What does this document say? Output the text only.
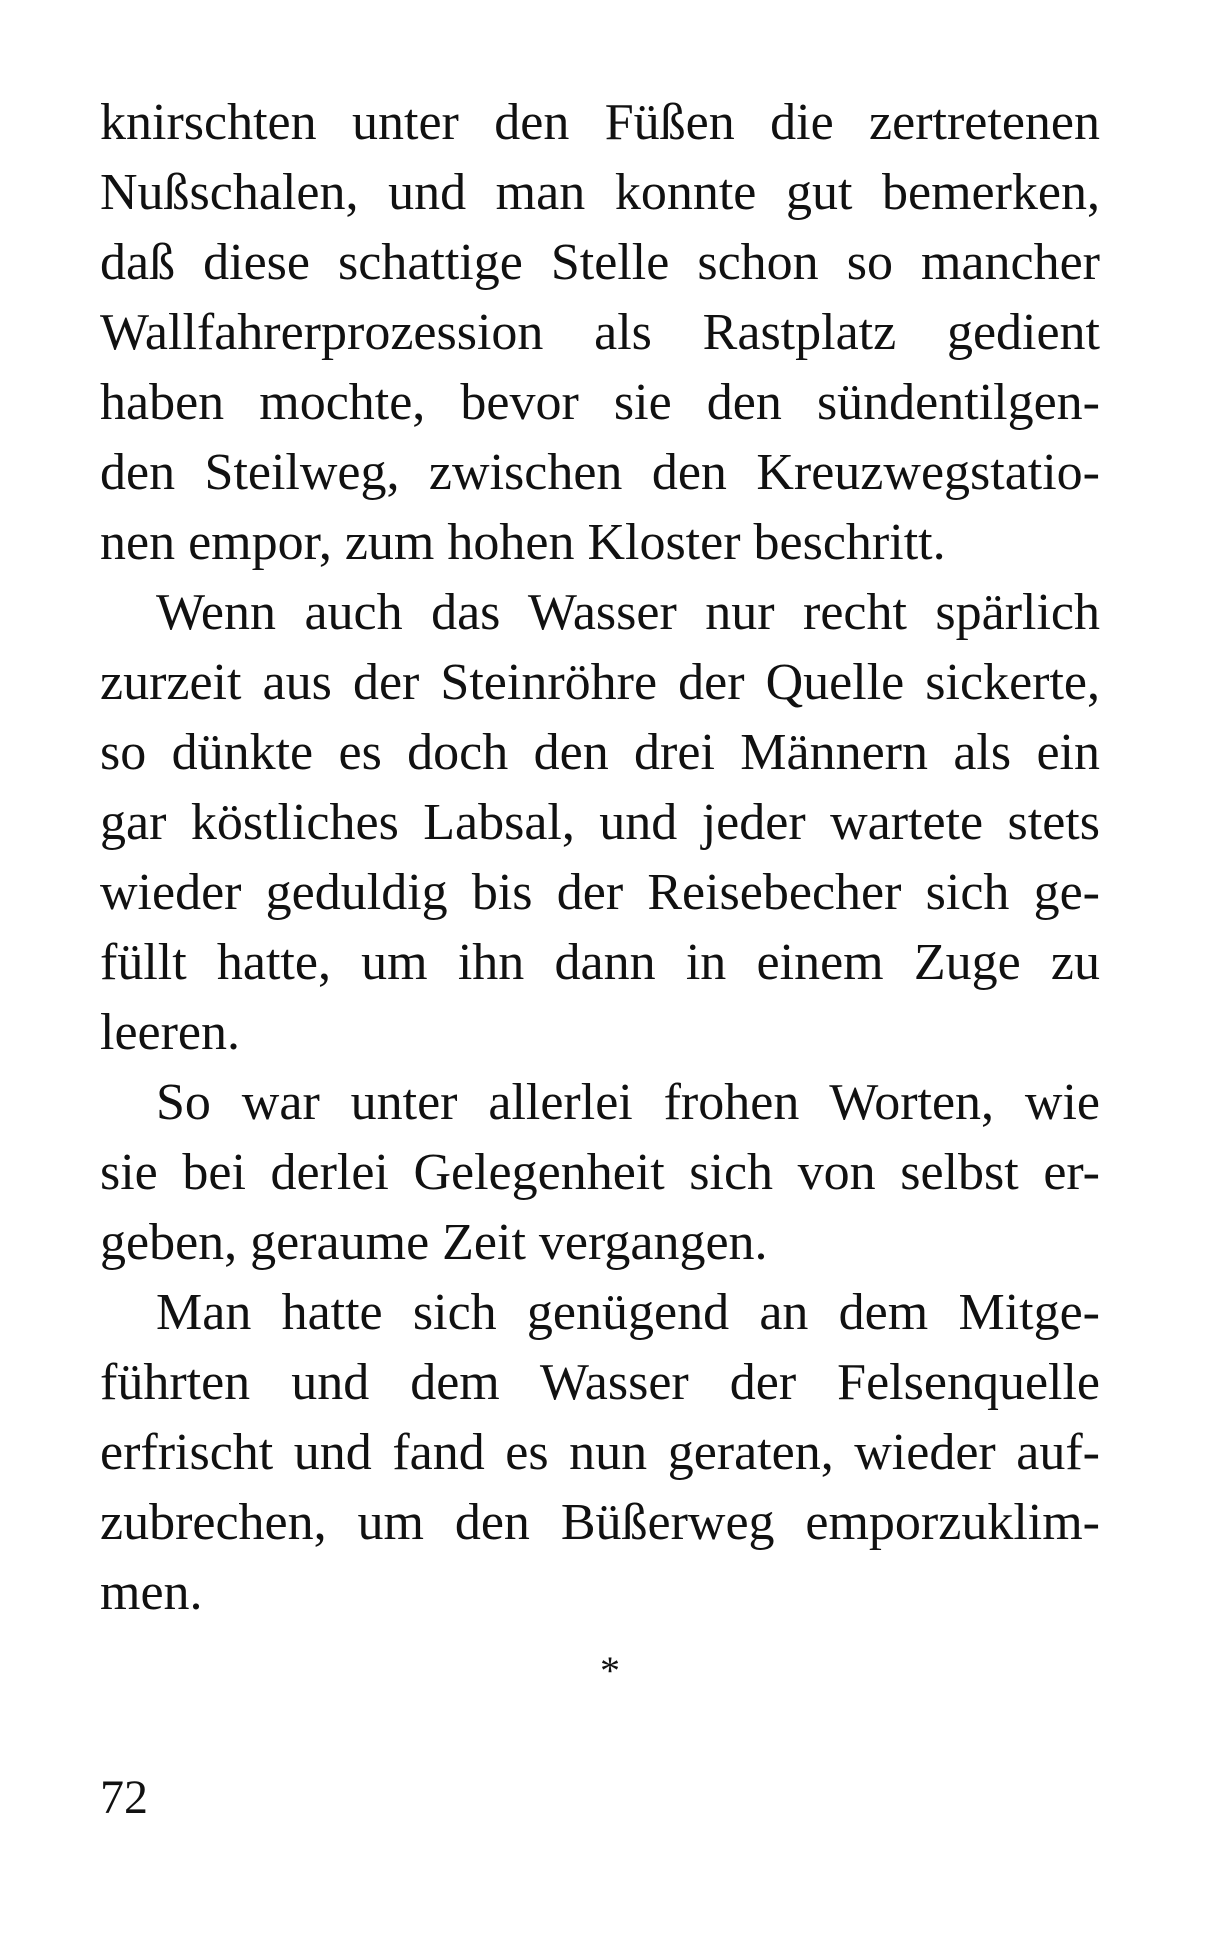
knirschten unter den Füßen die zertretenen
Nußschalen, und man konnte gut bemerken,
daß diese schattige Stelle schon so mancher
Wallfahrerprozession als Rastplatz gedient
haben mochte, bevor sie den sündentilgen-
den Steilweg, zwischen den Kreuzwegstatio-
nen empor, zum hohen Kloster beschritt.
Wenn auch das Wasser nur recht spärlich
zurzeit aus der Steinröhre der Quelle sickerte,
so dünkte es doch den drei Männern als ein
gar köstliches Labsal, und jeder wartete stets
wieder geduldig bis der Reisebecher sich ge-
füllt hatte, um ihn dann in einem Zuge zu
leeren.
So war unter allerlei frohen Worten, wie
sie bei derlei Gelegenheit sich von selbst er-
geben, geraume Zeit vergangen.
Man hatte sich genügend an dem Mitge-
führten und dem Wasser der Felsenquelle
erfrischt und fand es nun geraten, wieder auf-
zubrechen, um den Büßerweg emporzuklim-
men.
*
72
